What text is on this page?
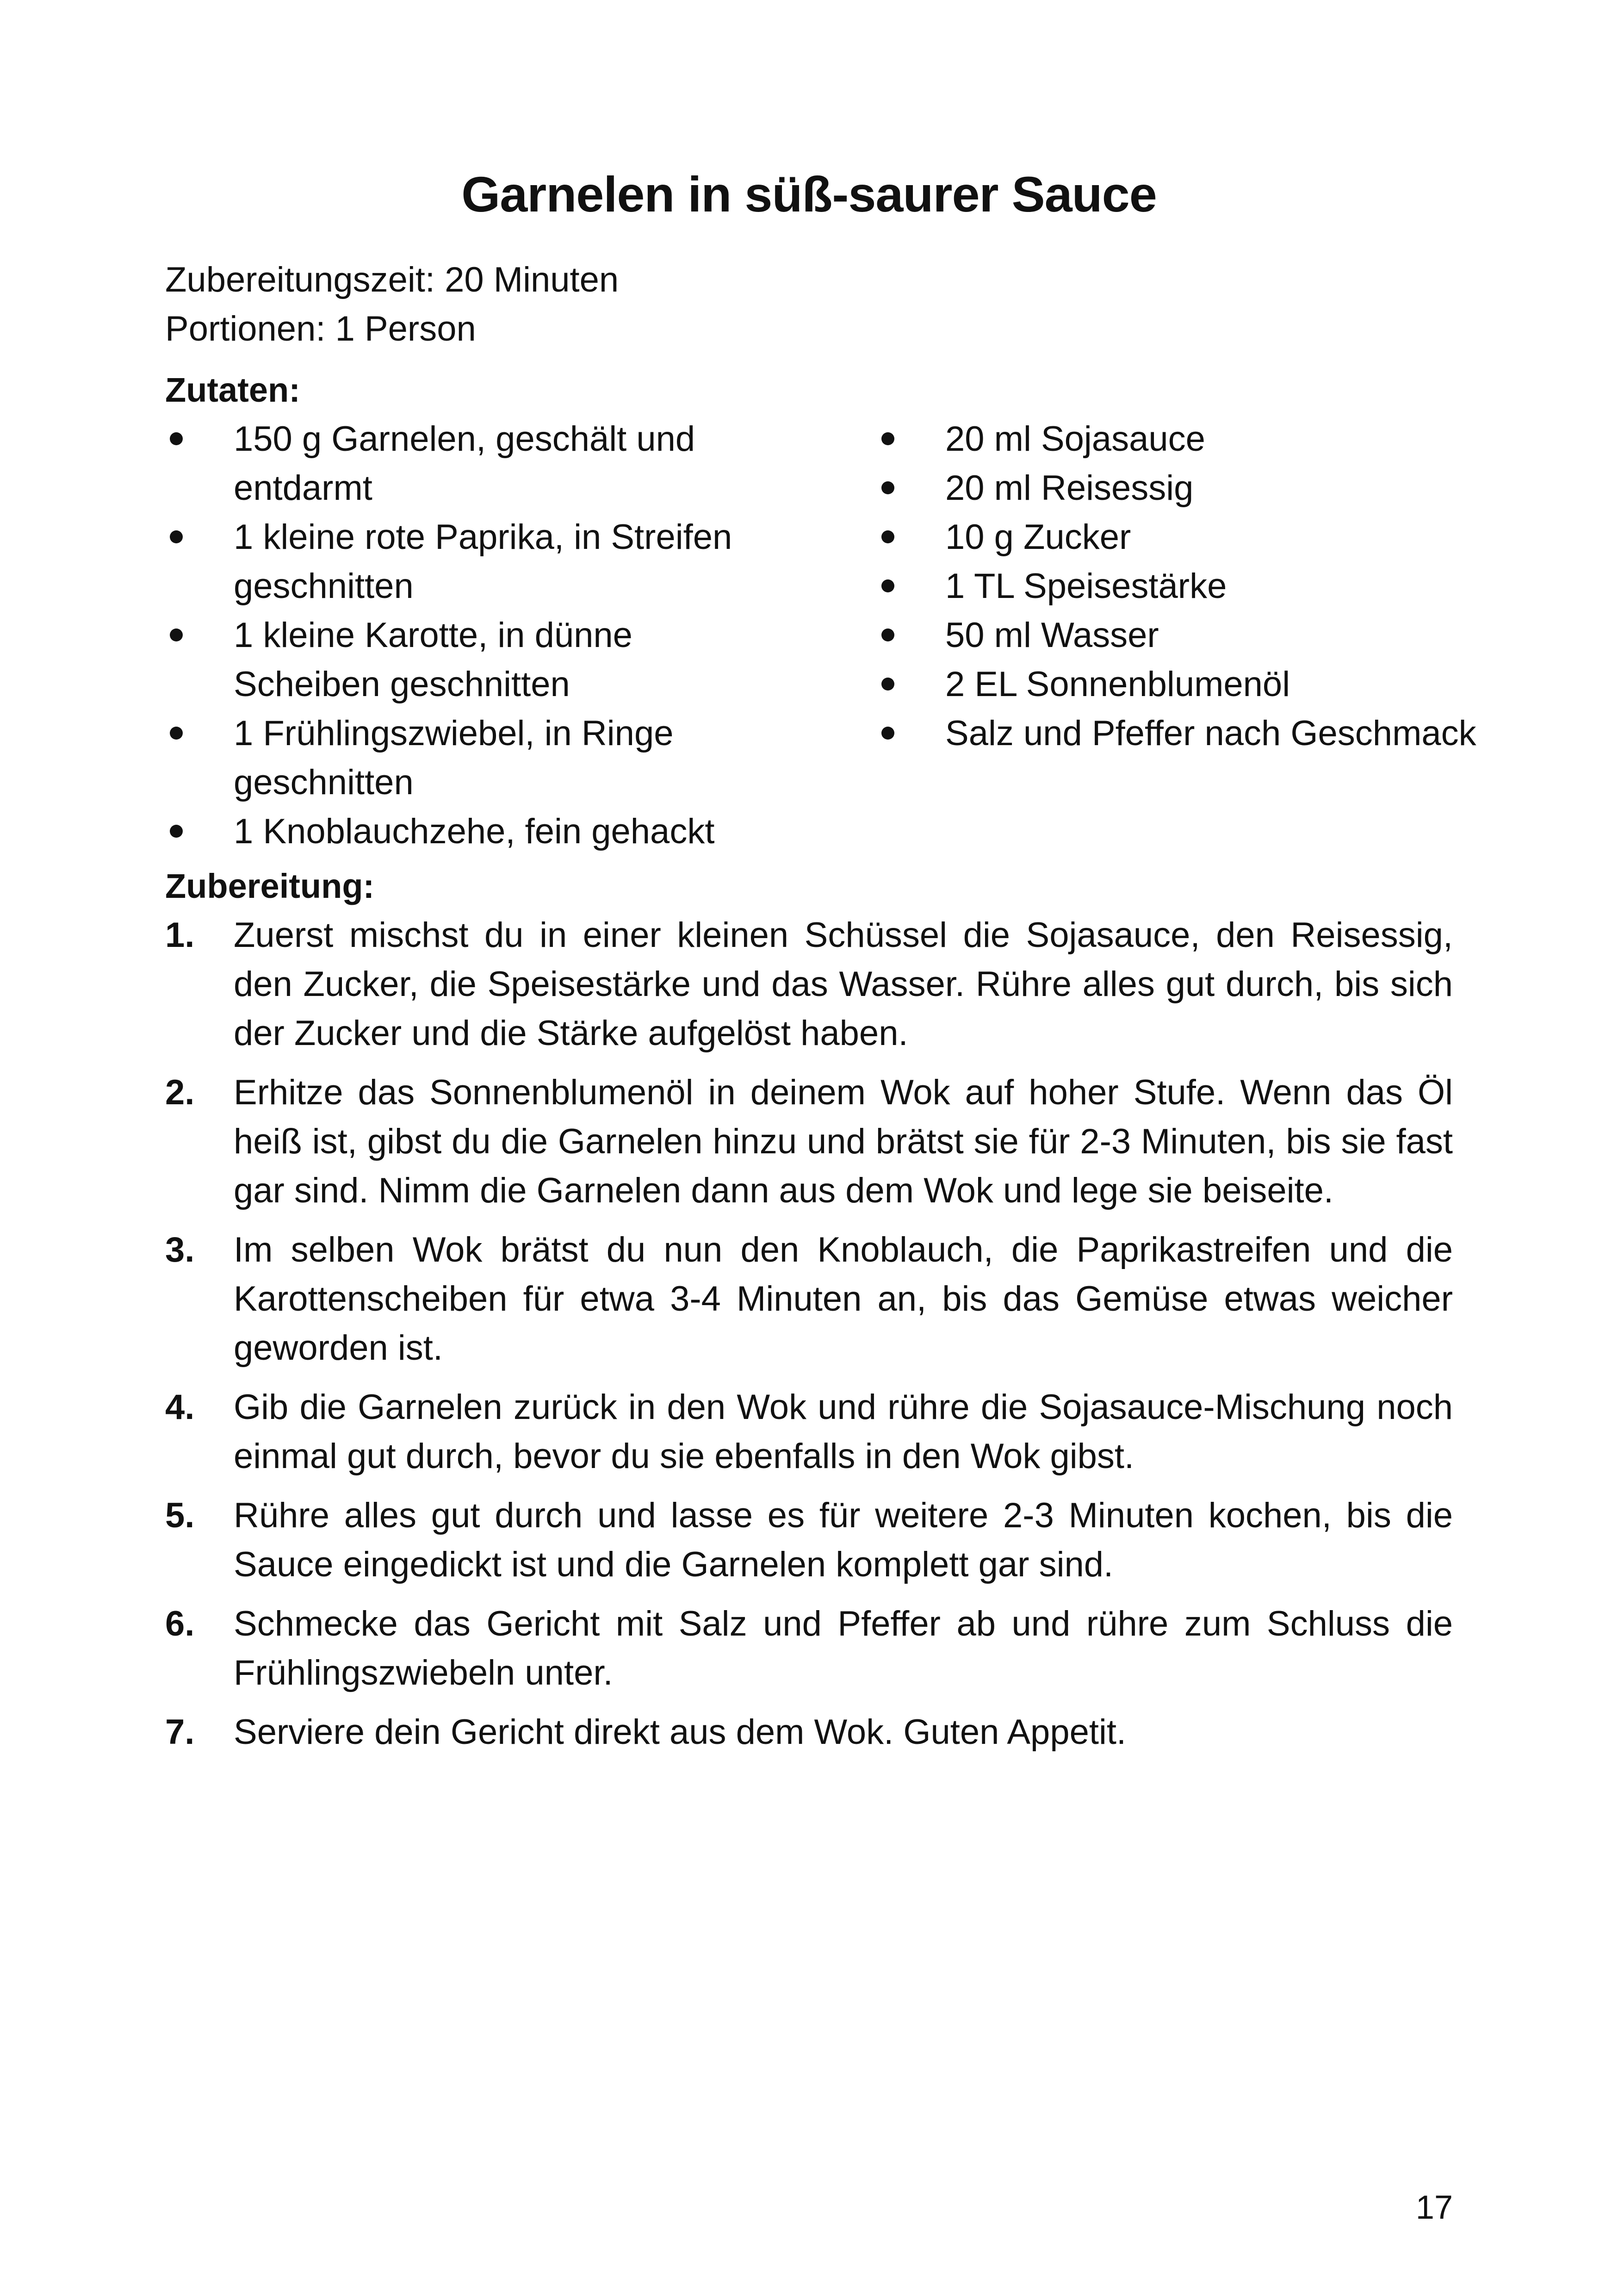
Garnelen in süß-saurer Sauce
Zubereitungszeit: 20 Minuten
Portionen: 1 Person
Zutaten:
150 g Garnelen, geschält und entdarmt
1 kleine rote Paprika, in Streifen geschnitten
1 kleine Karotte, in dünne Scheiben geschnitten
1 Frühlingszwiebel, in Ringe geschnitten
1 Knoblauchzehe, fein gehackt
20 ml Sojasauce
20 ml Reisessig
10 g Zucker
1 TL Speisestärke
50 ml Wasser
2 EL Sonnenblumenöl
Salz und Pfeffer nach Geschmack
Zubereitung:
1. Zuerst mischst du in einer kleinen Schüssel die Sojasauce, den Reisessig, den Zucker, die Speisestärke und das Wasser. Rühre alles gut durch, bis sich der Zucker und die Stärke aufgelöst haben.
2. Erhitze das Sonnenblumenöl in deinem Wok auf hoher Stufe. Wenn das Öl heiß ist, gibst du die Garnelen hinzu und brätst sie für 2-3 Minuten, bis sie fast gar sind. Nimm die Garnelen dann aus dem Wok und lege sie beiseite.
3. Im selben Wok brätst du nun den Knoblauch, die Paprikastreifen und die Karottenscheiben für etwa 3-4 Minuten an, bis das Gemüse etwas weicher geworden ist.
4. Gib die Garnelen zurück in den Wok und rühre die Sojasauce-Mischung noch einmal gut durch, bevor du sie ebenfalls in den Wok gibst.
5. Rühre alles gut durch und lasse es für weitere 2-3 Minuten kochen, bis die Sauce eingedickt ist und die Garnelen komplett gar sind.
6. Schmecke das Gericht mit Salz und Pfeffer ab und rühre zum Schluss die Frühlingszwiebeln unter.
7. Serviere dein Gericht direkt aus dem Wok. Guten Appetit.
17
